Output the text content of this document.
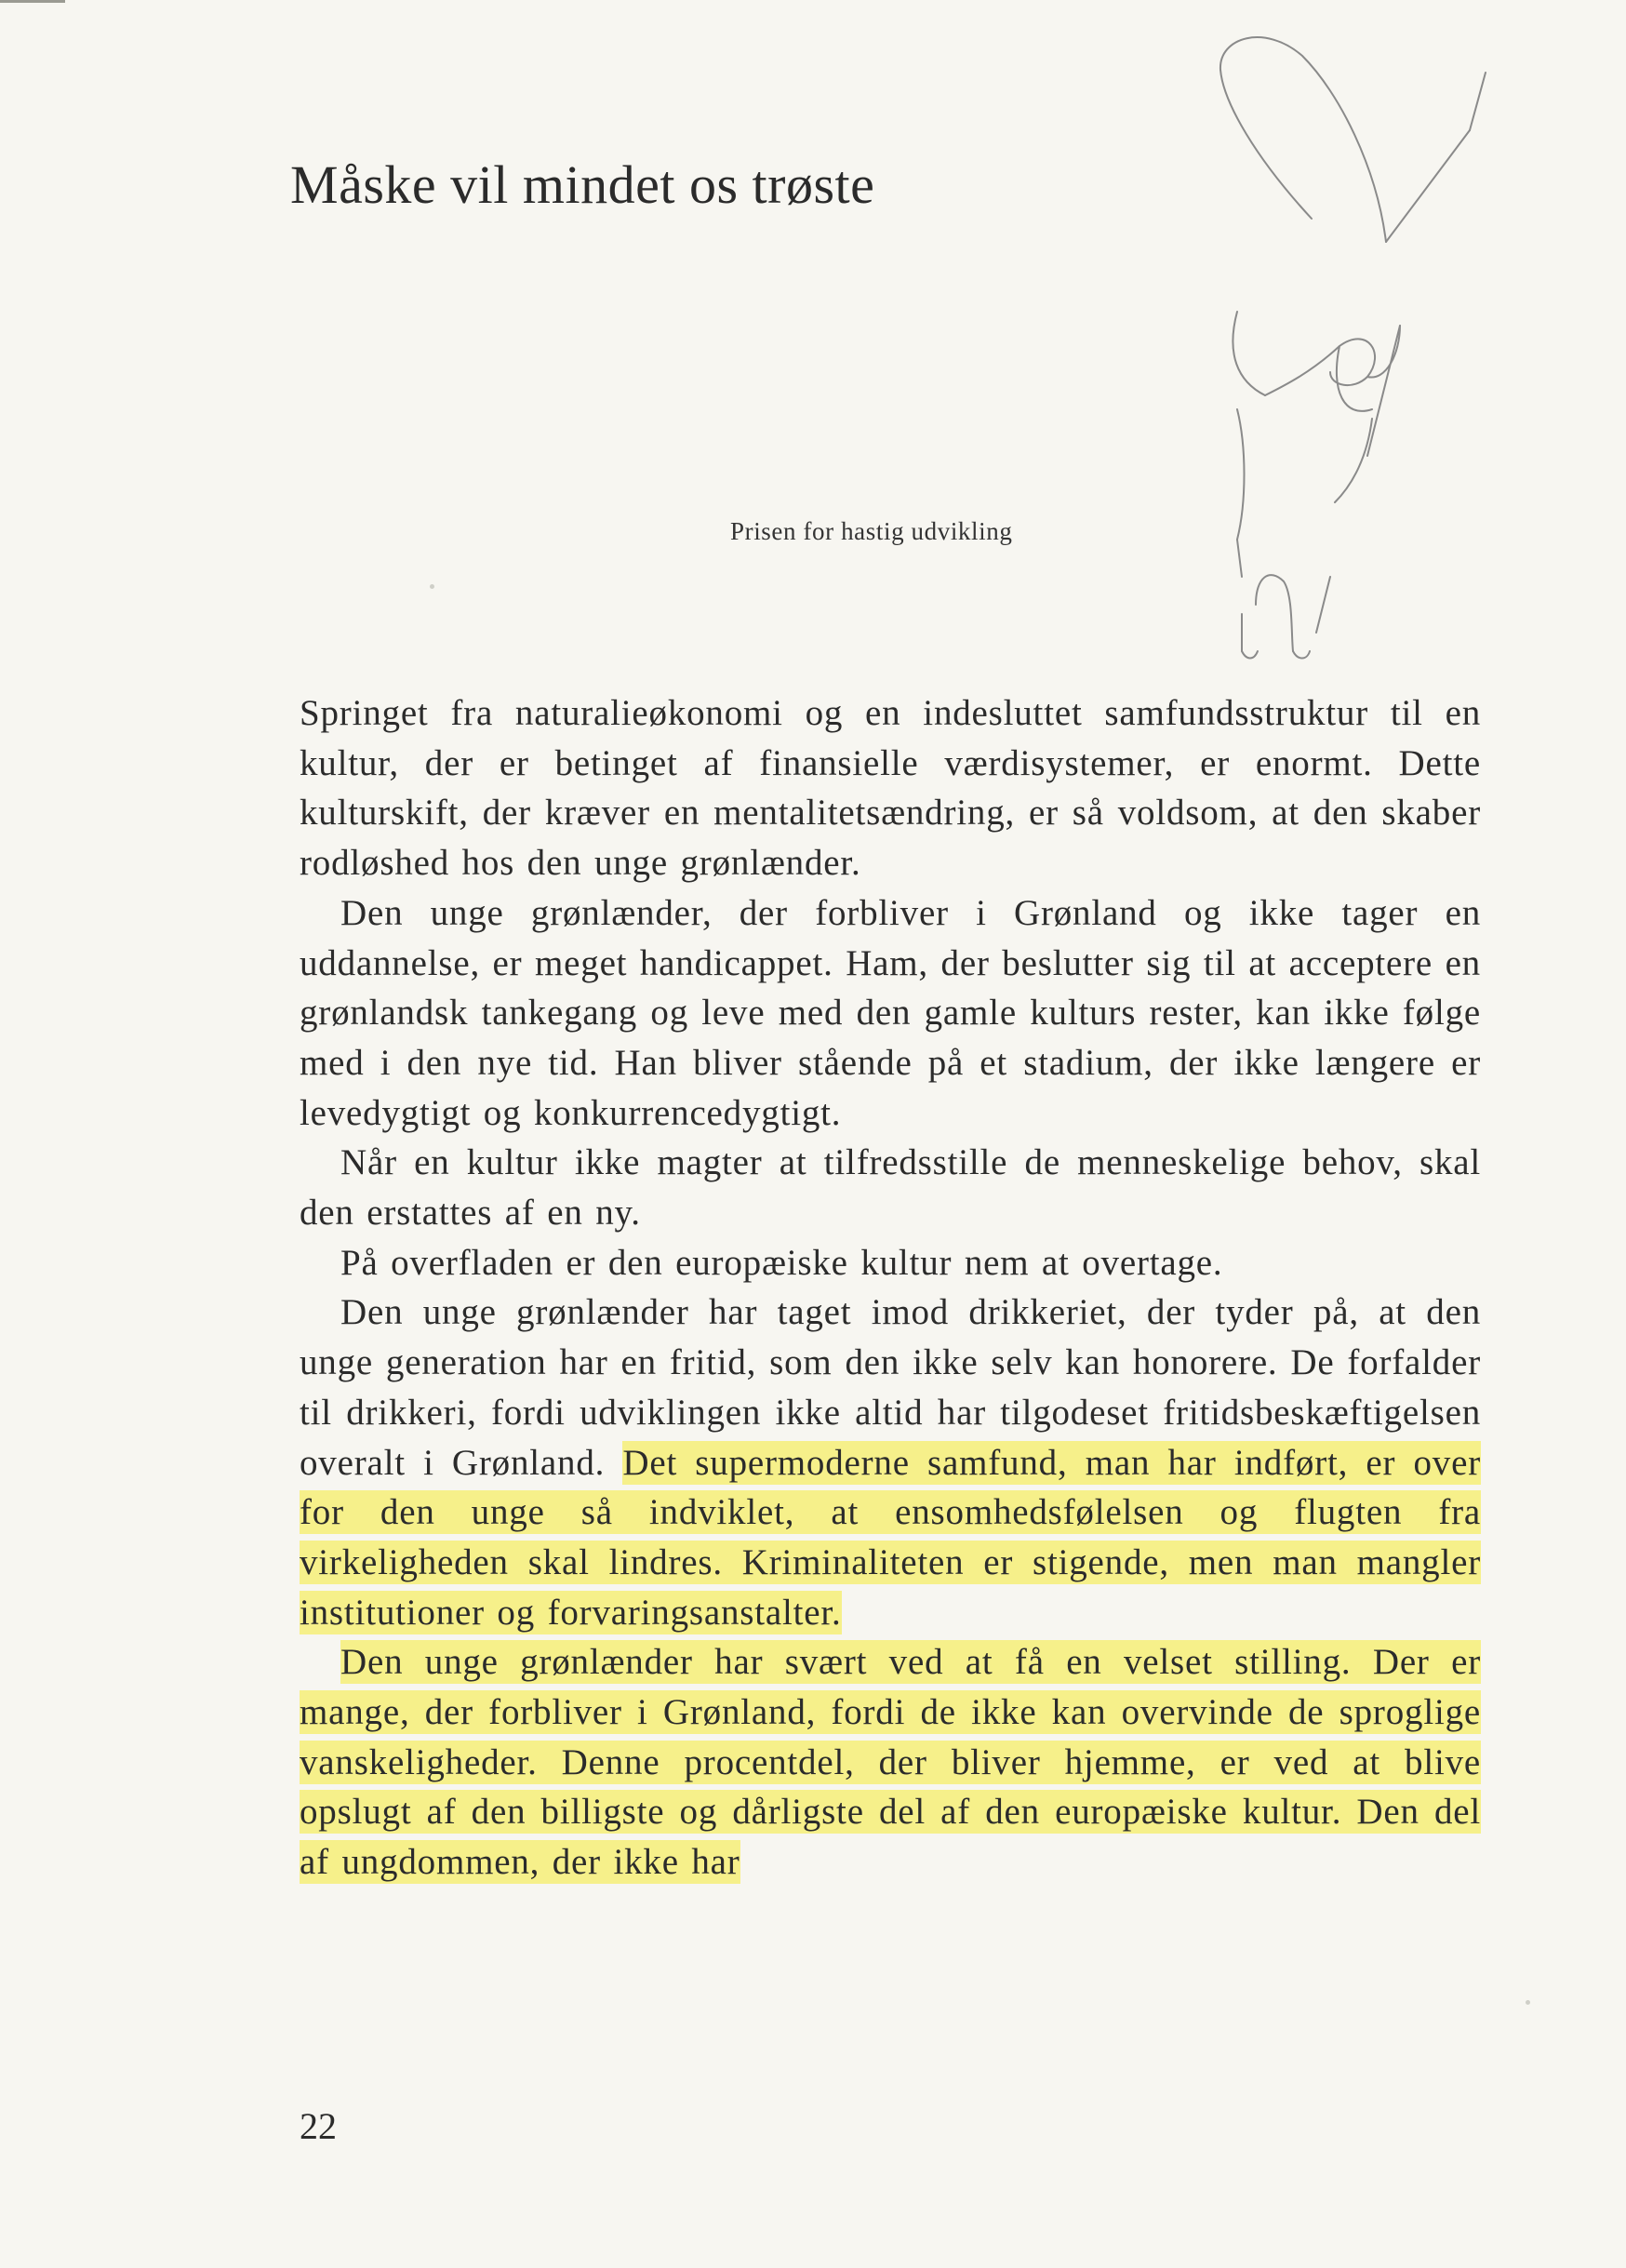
Måske vil mindet os trøste
Prisen for hastig udvikling

Springet fra naturalieøkonomi og en indesluttet samfundsstruktur til en kultur, der er betinget af finansielle værdisystemer, er enormt. Dette kulturskift, der kræver en mentalitetsændring, er så voldsom, at den skaber rodløshed hos den unge grønlænder.

Den unge grønlænder, der forbliver i Grønland og ikke tager en uddannelse, er meget handicappet. Ham, der beslutter sig til at acceptere en grønlandsk tankegang og leve med den gamle kulturs rester, kan ikke følge med i den nye tid. Han bliver stående på et stadium, der ikke længere er levedygtigt og konkurrencedygtigt.

Når en kultur ikke magter at tilfredsstille de menneskelige behov, skal den erstattes af en ny.

På overfladen er den europæiske kultur nem at overtage.

Den unge grønlænder har taget imod drikkeriet, der tyder på, at den unge generation har en fritid, som den ikke selv kan honorere. De forfalder til drikkeri, fordi udviklingen ikke altid har tilgodeset fritidsbeskæftigelsen overalt i Grønland. Det supermoderne samfund, man har indført, er over for den unge så indviklet, at ensomhedsfølelsen og flugten fra virkeligheden skal lindres. Kriminaliteten er stigende, men man mangler institutioner og forvaringsanstalter.

Den unge grønlænder har svært ved at få en velset stilling. Der er mange, der forbliver i Grønland, fordi de ikke kan overvinde de sproglige vanskeligheder. Denne procentdel, der bliver hjemme, er ved at blive opslugt af den billigste og dårligste del af den europæiske kultur. Den del af ungdommen, der ikke har

22
